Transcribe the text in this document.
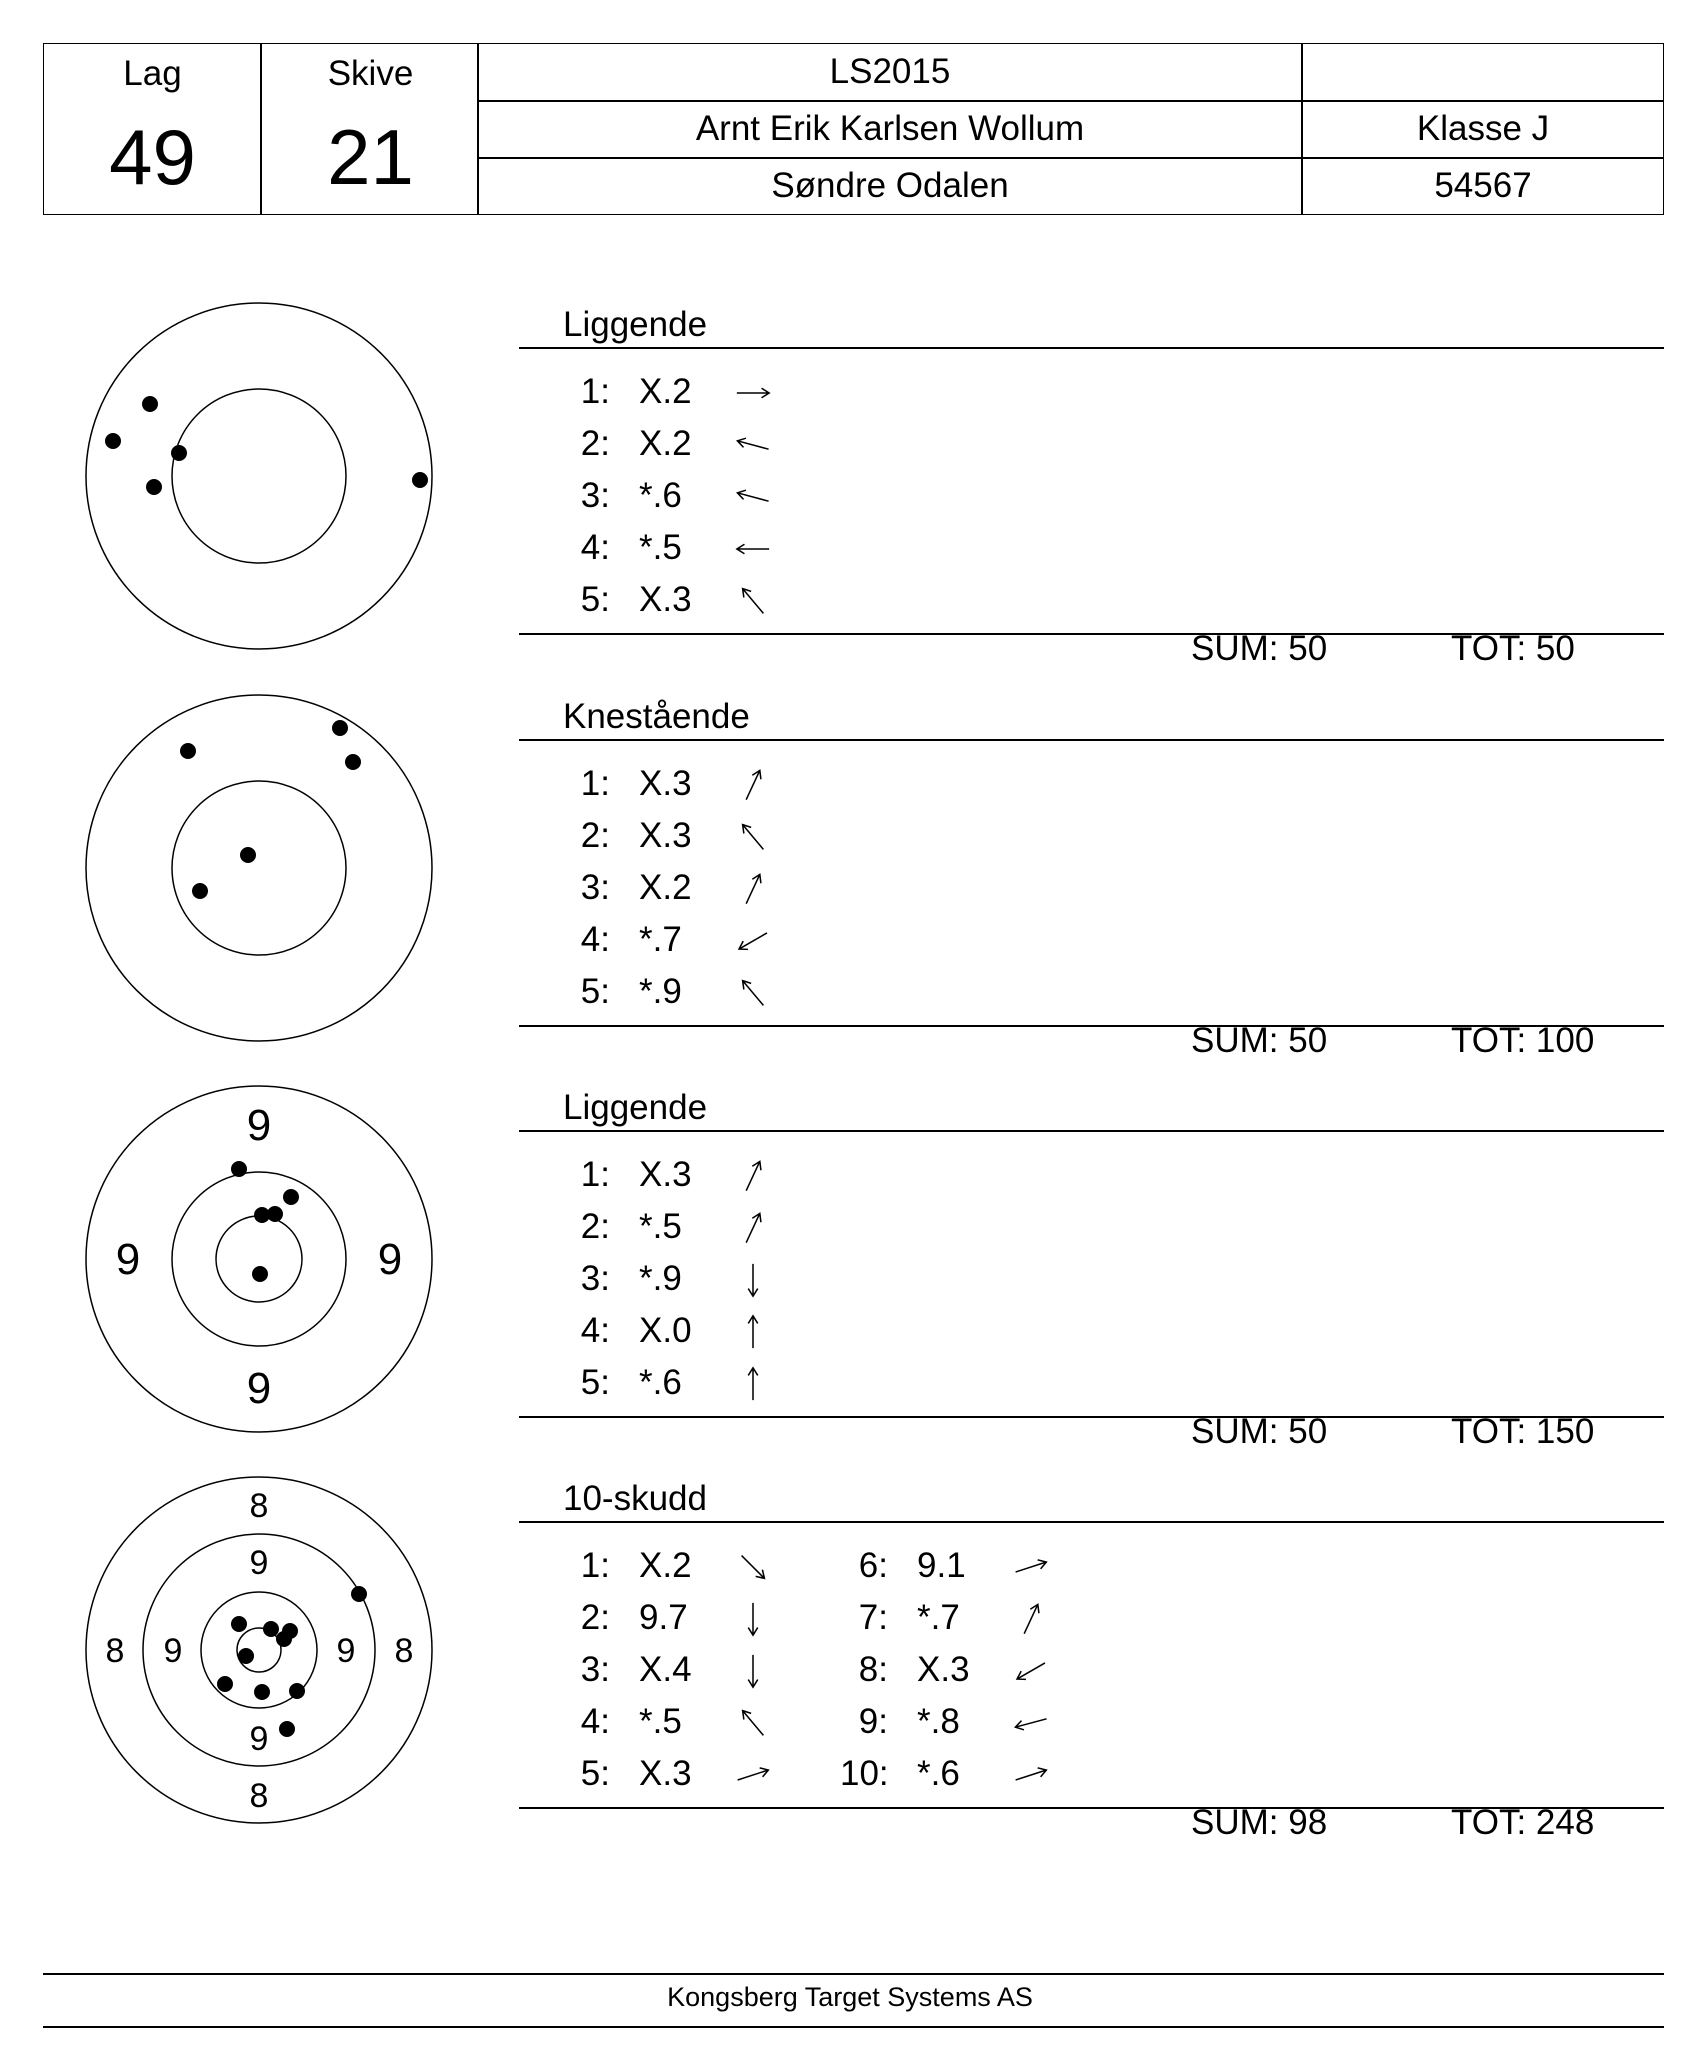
Lag
49
Skive
21
LS2015
Arnt Erik Karlsen Wollum	Klasse J
Søndre Odalen	54567
Liggende
1: X.2
2: X.2
3: *.6
4: *.5
5: X.3
SUM: 50	TOT: 50
Knestående
1: X.3
2: X.3
3: X.2
4: *.7
5: *.9
SUM: 50	TOT: 100
9
9	9
9
Liggende
1: X.3
2: *.5
3: *.9
4: X.0
5: *.6
SUM: 50	TOT: 150
8
8	8
8
9
9	9
9
10-skudd
1: X.2
2: 9.7
3: X.4
4: *.5
5: X.3
6: 9.1
7: *.7
8: X.3
9: *.8
10: *.6
SUM: 98	TOT: 248
Kongsberg Target Systems AS
